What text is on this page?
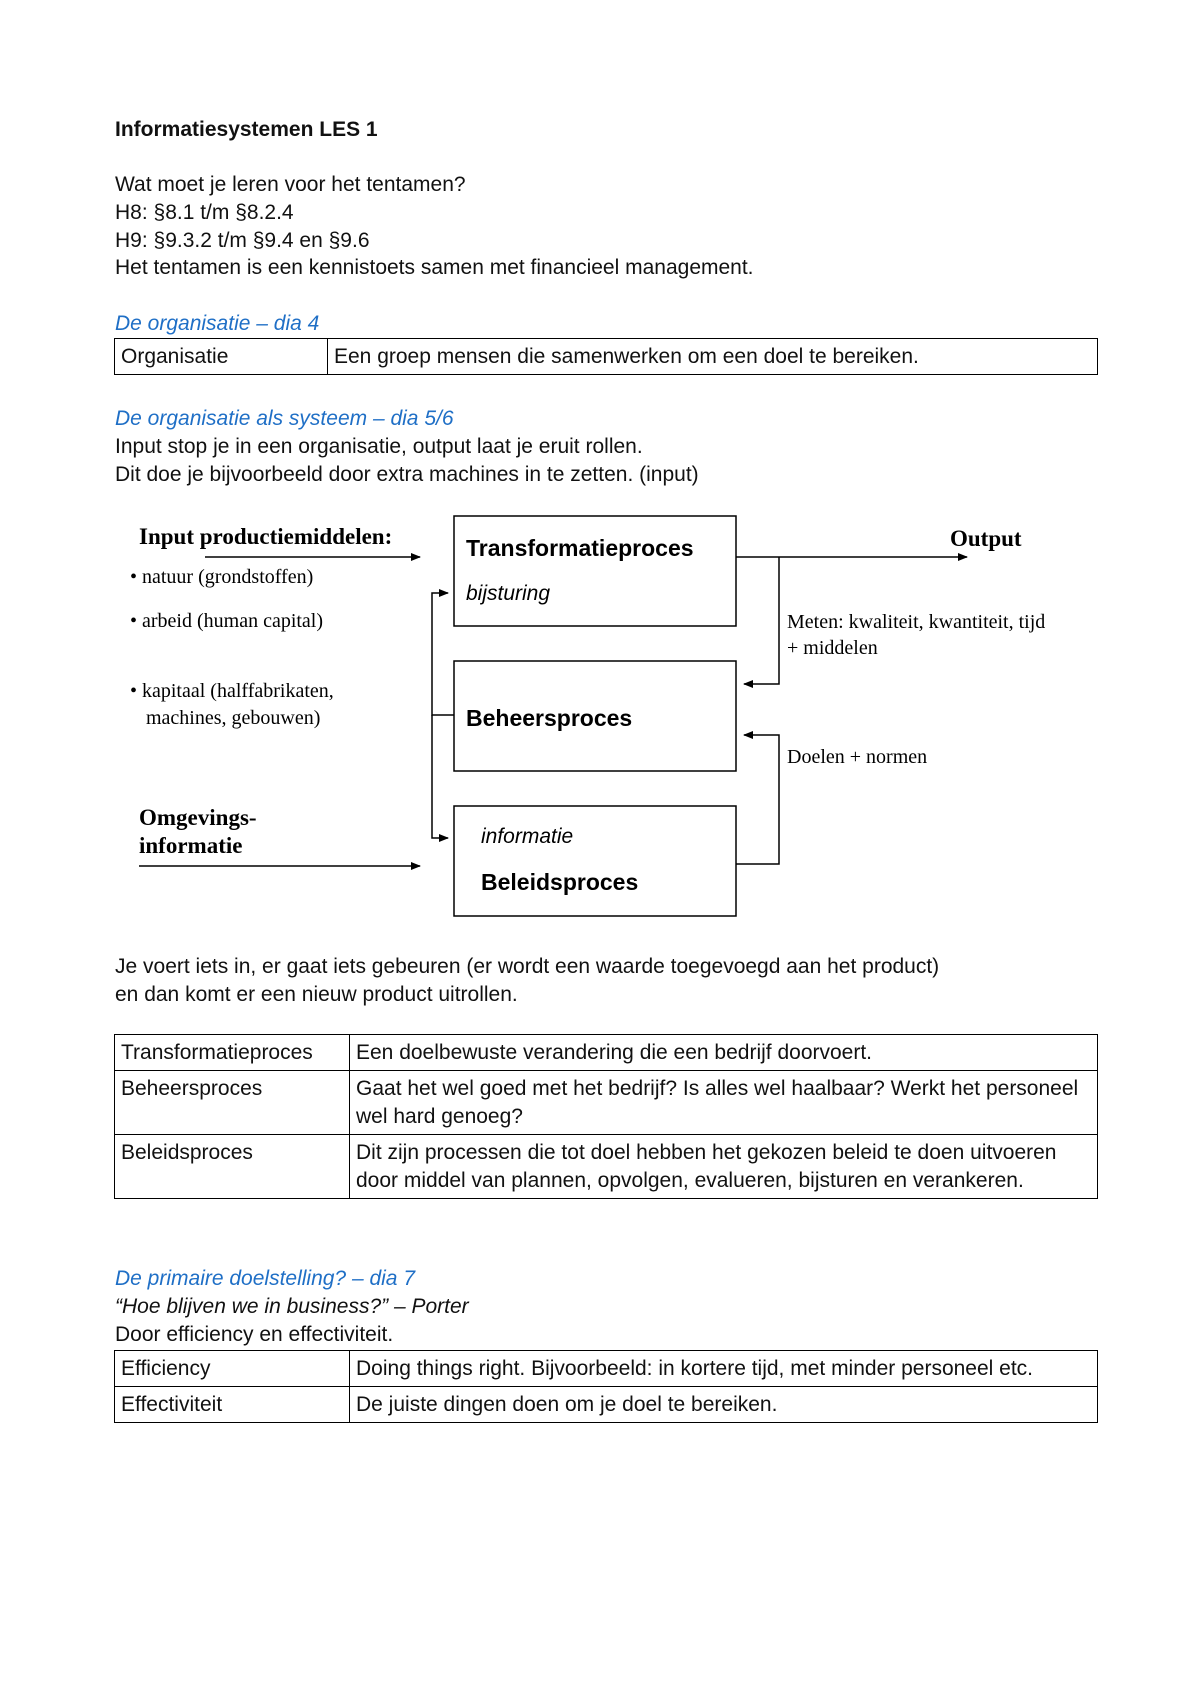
Informatiesystemen LES 1
Wat moet je leren voor het tentamen?
H8: §8.1 t/m §8.2.4
H9: §9.3.2 t/m §9.4 en §9.6
Het tentamen is een kennistoets samen met financieel management.
De organisatie – dia 4
Organisatie	Een groep mensen die samenwerken om een doel te bereiken.
De organisatie als systeem – dia 5/6
Input stop je in een organisatie, output laat je eruit rollen.
Dit doe je bijvoorbeeld door extra machines in te zetten. (input)
Input productiemiddelen:
• natuur (grondstoffen)
• arbeid (human capital)
• kapitaal (halffabrikaten,
machines, gebouwen)
Omgevings-
informatie
Transformatieproces
bijsturing
Beheersproces
informatie
Beleidsproces
Output
Meten: kwaliteit, kwantiteit, tijd
+ middelen
Doelen + normen
Je voert iets in, er gaat iets gebeuren (er wordt een waarde toegevoegd aan het product)
en dan komt er een nieuw product uitrollen.
Transformatieproces	Een doelbewuste verandering die een bedrijf doorvoert.
Beheersproces	Gaat het wel goed met het bedrijf? Is alles wel haalbaar? Werkt het personeel wel hard genoeg?
Beleidsproces	Dit zijn processen die tot doel hebben het gekozen beleid te doen uitvoeren door middel van plannen, opvolgen, evalueren, bijsturen en verankeren.
De primaire doelstelling? – dia 7
“Hoe blijven we in business?” – Porter
Door efficiency en effectiviteit.
Efficiency	Doing things right. Bijvoorbeeld: in kortere tijd, met minder personeel etc.
Effectiviteit	De juiste dingen doen om je doel te bereiken.
